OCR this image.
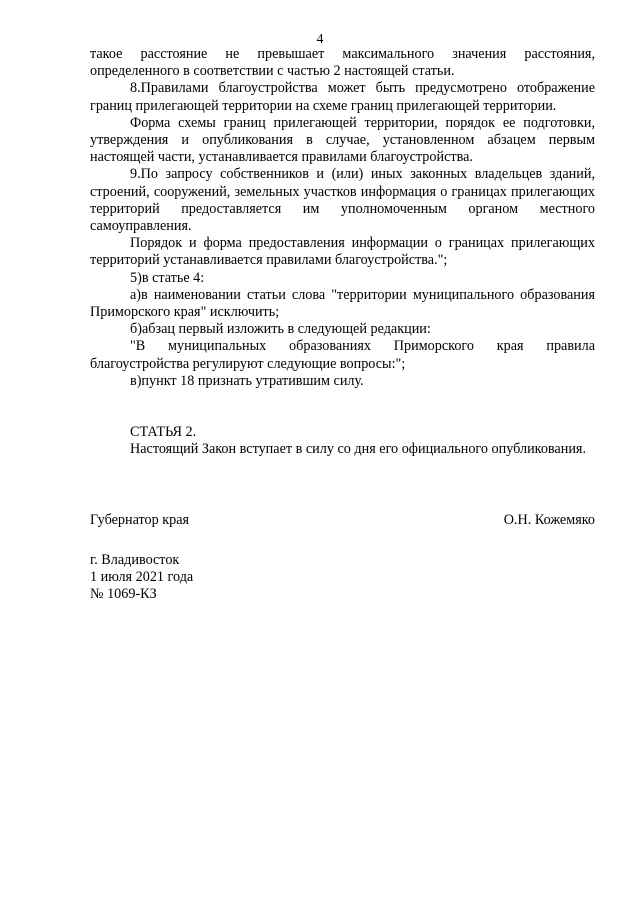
4

такое расстояние не превышает максимального значения расстояния, определенного в соответствии с частью 2 настоящей статьи.

8.Правилами благоустройства может быть предусмотрено отображение границ прилегающей территории на схеме границ прилегающей территории.

Форма схемы границ прилегающей территории, порядок ее подготовки, утверждения и опубликования в случае, установленном абзацем первым настоящей части, устанавливается правилами благоустройства.

9.По запросу собственников и (или) иных законных владельцев зданий, строений, сооружений, земельных участков информация о границах прилегающих территорий предоставляется им уполномоченным органом местного самоуправления.

Порядок и форма предоставления информации о границах прилегающих территорий устанавливается правилами благоустройства.";

5)в статье 4:

а)в наименовании статьи слова "территории муниципального образования Приморского края" исключить;

б)абзац первый изложить в следующей редакции:

"В муниципальных образованиях Приморского края правила благоустройства регулируют следующие вопросы:";

в)пункт 18 признать утратившим силу.

СТАТЬЯ 2.

Настоящий Закон вступает в силу со дня его официального опубликования.

Губернатор края	О.Н. Кожемяко
г. Владивосток
1 июля 2021 года
№ 1069-КЗ
